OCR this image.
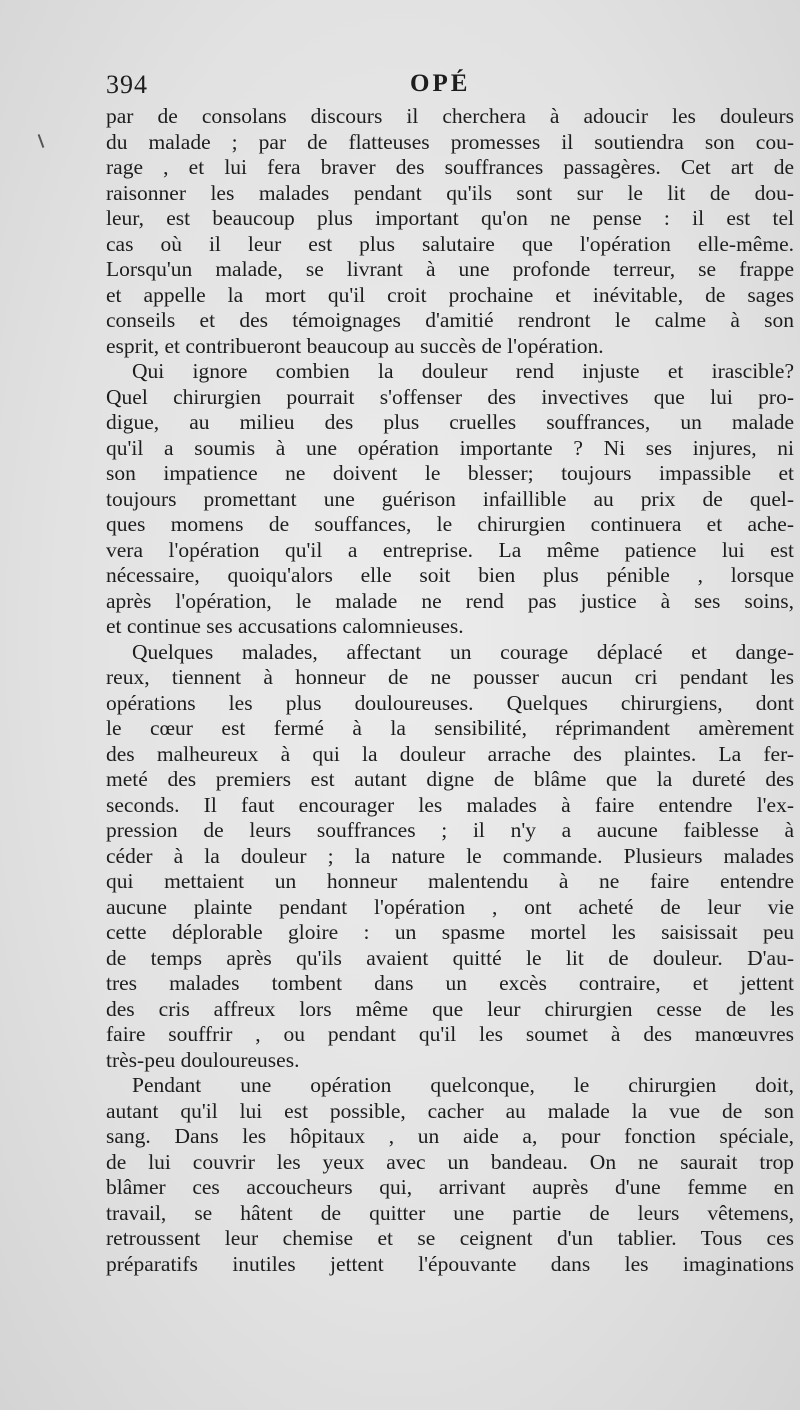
394	OPÉ
par de consolans discours il cherchera à adoucir les douleurs
du malade ; par de flatteuses promesses il soutiendra son cou-
rage , et lui fera braver des souffrances passagères. Cet art de
raisonner les malades pendant qu'ils sont sur le lit de dou-
leur, est beaucoup plus important qu'on ne pense : il est tel
cas où il leur est plus salutaire que l'opération elle-même.
Lorsqu'un malade, se livrant à une profonde terreur, se frappe
et appelle la mort qu'il croit prochaine et inévitable, de sages
conseils et des témoignages d'amitié rendront le calme à son
esprit, et contribueront beaucoup au succès de l'opération.
Qui ignore combien la douleur rend injuste et irascible?
Quel chirurgien pourrait s'offenser des invectives que lui pro-
digue, au milieu des plus cruelles souffrances, un malade
qu'il a soumis à une opération importante ? Ni ses injures, ni
son impatience ne doivent le blesser; toujours impassible et
toujours promettant une guérison infaillible au prix de quel-
ques momens de souffances, le chirurgien continuera et ache-
vera l'opération qu'il a entreprise. La même patience lui est
nécessaire, quoiqu'alors elle soit bien plus pénible , lorsque
après l'opération, le malade ne rend pas justice à ses soins,
et continue ses accusations calomnieuses.
Quelques malades, affectant un courage déplacé et dange-
reux, tiennent à honneur de ne pousser aucun cri pendant les
opérations les plus douloureuses. Quelques chirurgiens, dont
le cœur est fermé à la sensibilité, réprimandent amèrement
des malheureux à qui la douleur arrache des plaintes. La fer-
meté des premiers est autant digne de blâme que la dureté des
seconds. Il faut encourager les malades à faire entendre l'ex-
pression de leurs souffrances ; il n'y a aucune faiblesse à
céder à la douleur ; la nature le commande. Plusieurs malades
qui mettaient un honneur malentendu à ne faire entendre
aucune plainte pendant l'opération , ont acheté de leur vie
cette déplorable gloire : un spasme mortel les saisissait peu
de temps après qu'ils avaient quitté le lit de douleur. D'au-
tres malades tombent dans un excès contraire, et jettent
des cris affreux lors même que leur chirurgien cesse de les
faire souffrir , ou pendant qu'il les soumet à des manœuvres
très-peu douloureuses.
Pendant une opération quelconque, le chirurgien doit,
autant qu'il lui est possible, cacher au malade la vue de son
sang. Dans les hôpitaux , un aide a, pour fonction spéciale,
de lui couvrir les yeux avec un bandeau. On ne saurait trop
blâmer ces accoucheurs qui, arrivant auprès d'une femme en
travail, se hâtent de quitter une partie de leurs vêtemens,
retroussent leur chemise et se ceignent d'un tablier. Tous ces
préparatifs inutiles jettent l'épouvante dans les imaginations
